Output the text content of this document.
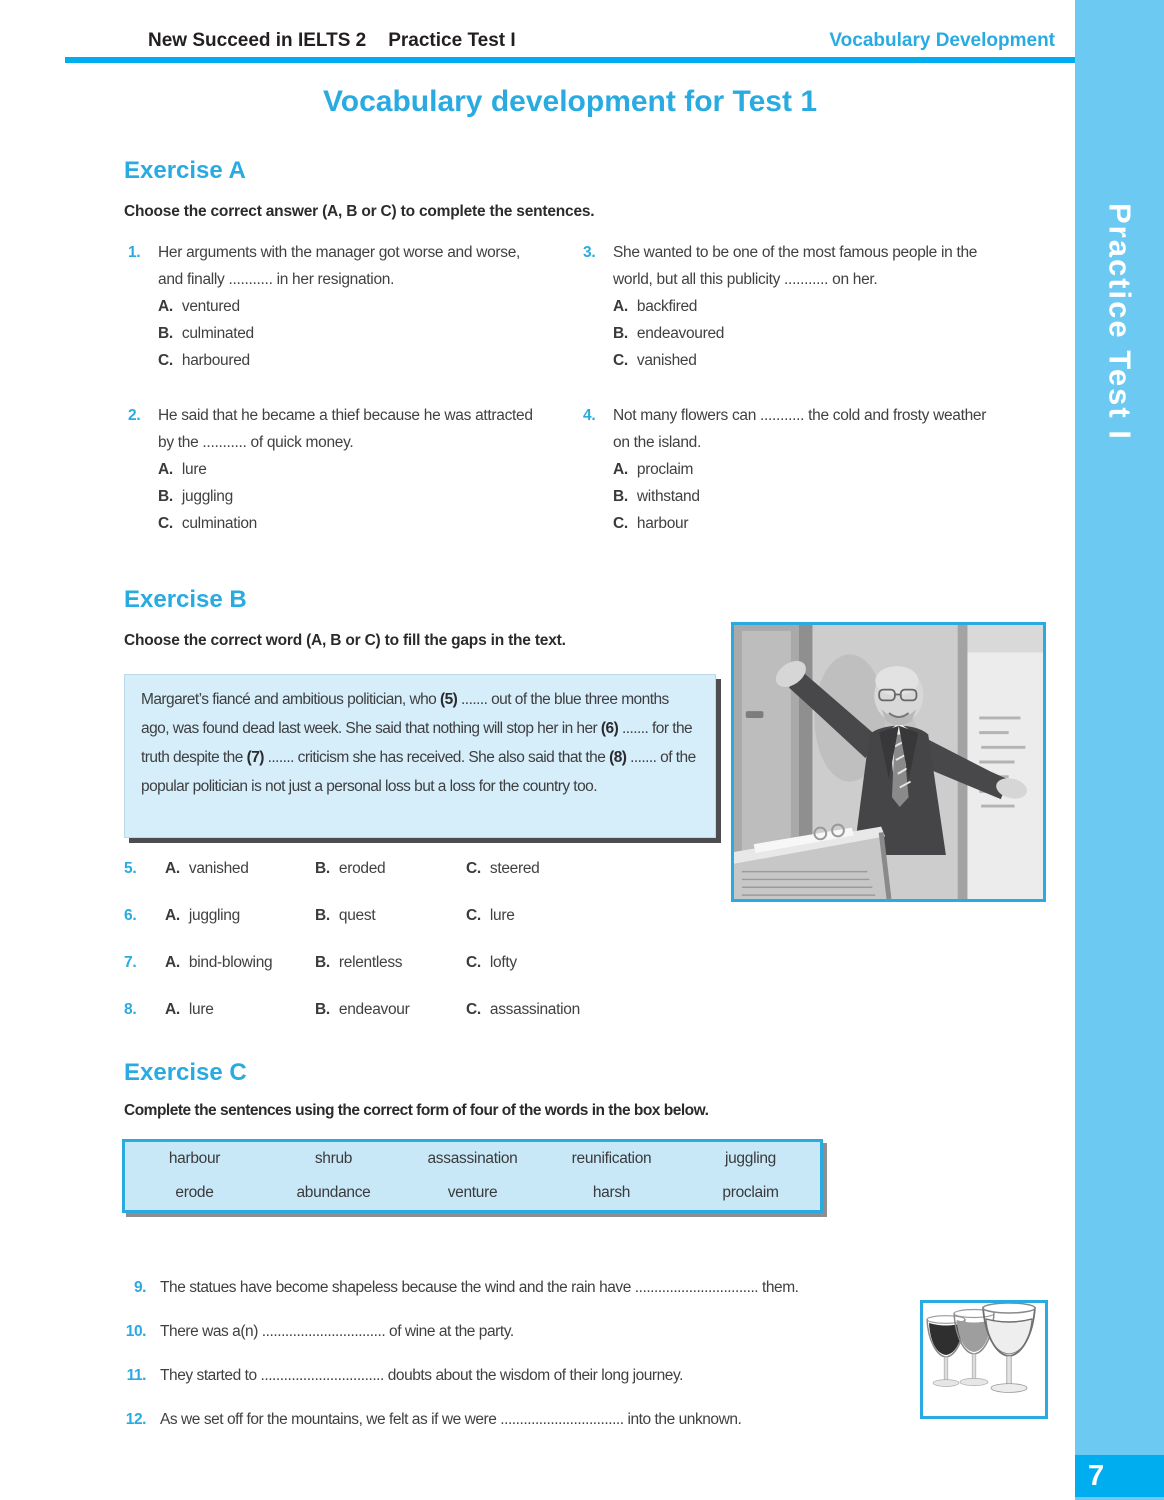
Practice Test I
7
New Succeed in IELTS 2 Practice Test I	Vocabulary Development
Vocabulary development for Test 1
Exercise A
Choose the correct answer (A, B or C) to complete the sentences.
1.	Her arguments with the manager got worse and worse, and finally ........... in her resignation.
A. ventured
B. culminated
C. harboured
3.	She wanted to be one of the most famous people in the world, but all this publicity ........... on her.
A. backfired
B. endeavoured
C. vanished
2.	He said that he became a thief because he was attracted by the ........... of quick money.
A. lure
B. juggling
C. culmination
4.	Not many flowers can ........... the cold and frosty weather on the island.
A. proclaim
B. withstand
C. harbour
Exercise B
Choose the correct word (A, B or C) to fill the gaps in the text.
Margaret’s fiancé and ambitious politician, who (5) ....... out of the blue three months ago, was found dead last week. She said that nothing will stop her in her (6) ....... for the truth despite the (7) ....... criticism she has received. She also said that the (8) ....... of the popular politician is not just a personal loss but a loss for the country too.
5.	A. vanished	B. eroded	C. steered
6.	A. juggling	B. quest	C. lure
7.	A. bind-blowing	B. relentless	C. lofty
8.	A. lure	B. endeavour	C. assassination
Exercise C
Complete the sentences using the correct form of four of the words in the box below.
harbour	shrub	assassination	reunification	juggling
erode	abundance	venture	harsh	proclaim
9. The statues have become shapeless because the wind and the rain have ................................ them.
10. There was a(n) ................................ of wine at the party.
11. They started to ................................ doubts about the wisdom of their long journey.
12. As we set off for the mountains, we felt as if we were ................................ into the unknown.
